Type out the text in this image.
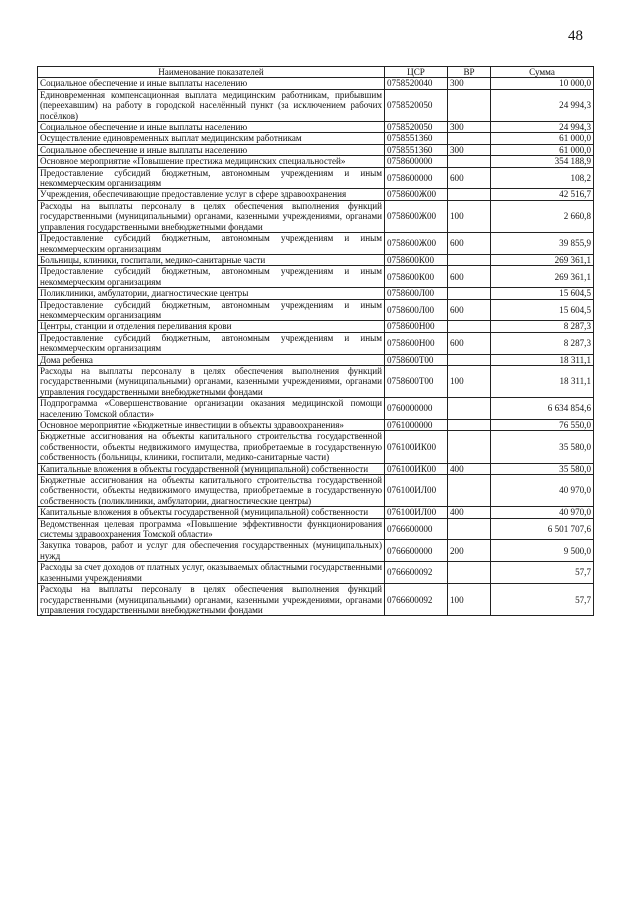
48
Наименование показателей	ЦСР	ВР	Сумма
Социальное обеспечение и иные выплаты населению	0758520040	300	10 000,0
Единовременная компенсационная выплата медицинским работникам, прибывшим (переехавшим) на работу в городской населённый пункт (за исключением рабочих посёлков)	0758520050		24 994,3
Социальное обеспечение и иные выплаты населению	0758520050	300	24 994,3
Осуществление единовременных выплат медицинским работникам	0758551360		61 000,0
Социальное обеспечение и иные выплаты населению	0758551360	300	61 000,0
Основное мероприятие «Повышение престижа медицинских специальностей»	0758600000		354 188,9
Предоставление субсидий бюджетным, автономным учреждениям и иным некоммерческим организациям	0758600000	600	108,2
Учреждения, обеспечивающие предоставление услуг в сфере здравоохранения	0758600Ж00		42 516,7
Расходы на выплаты персоналу в целях обеспечения выполнения функций государственными (муниципальными) органами, казенными учреждениями, органами управления государственными внебюджетными фондами	0758600Ж00	100	2 660,8
Предоставление субсидий бюджетным, автономным учреждениям и иным некоммерческим организациям	0758600Ж00	600	39 855,9
Больницы, клиники, госпитали, медико-санитарные части	0758600К00		269 361,1
Предоставление субсидий бюджетным, автономным учреждениям и иным некоммерческим организациям	0758600К00	600	269 361,1
Поликлиники, амбулатории, диагностические центры	0758600Л00		15 604,5
Предоставление субсидий бюджетным, автономным учреждениям и иным некоммерческим организациям	0758600Л00	600	15 604,5
Центры, станции и отделения переливания крови	0758600Н00		8 287,3
Предоставление субсидий бюджетным, автономным учреждениям и иным некоммерческим организациям	0758600Н00	600	8 287,3
Дома ребенка	0758600Т00		18 311,1
Расходы на выплаты персоналу в целях обеспечения выполнения функций государственными (муниципальными) органами, казенными учреждениями, органами управления государственными внебюджетными фондами	0758600Т00	100	18 311,1
Подпрограмма «Совершенствование организации оказания медицинской помощи населению Томской области»	0760000000		6 634 854,6
Основное мероприятие «Бюджетные инвестиции в объекты здравоохранения»	0761000000		76 550,0
Бюджетные ассигнования на объекты капитального строительства государственной собственности, объекты недвижимого имущества, приобретаемые в государственную собственность (больницы, клиники, госпитали, медико-санитарные части)	076100ИК00		35 580,0
Капитальные вложения в объекты государственной (муниципальной) собственности	076100ИК00	400	35 580,0
Бюджетные ассигнования на объекты капитального строительства государственной собственности, объекты недвижимого имущества, приобретаемые в государственную собственность (поликлиники, амбулатории, диагностические центры)	076100ИЛ00		40 970,0
Капитальные вложения в объекты государственной (муниципальной) собственности	076100ИЛ00	400	40 970,0
Ведомственная целевая программа «Повышение эффективности функционирования системы здравоохранения Томской области»	0766600000		6 501 707,6
Закупка товаров, работ и услуг для обеспечения государственных (муниципальных) нужд	0766600000	200	9 500,0
Расходы за счет доходов от платных услуг, оказываемых областными государственными казенными учреждениями	0766600092		57,7
Расходы на выплаты персоналу в целях обеспечения выполнения функций государственными (муниципальными) органами, казенными учреждениями, органами управления государственными внебюджетными фондами	0766600092	100	57,7
